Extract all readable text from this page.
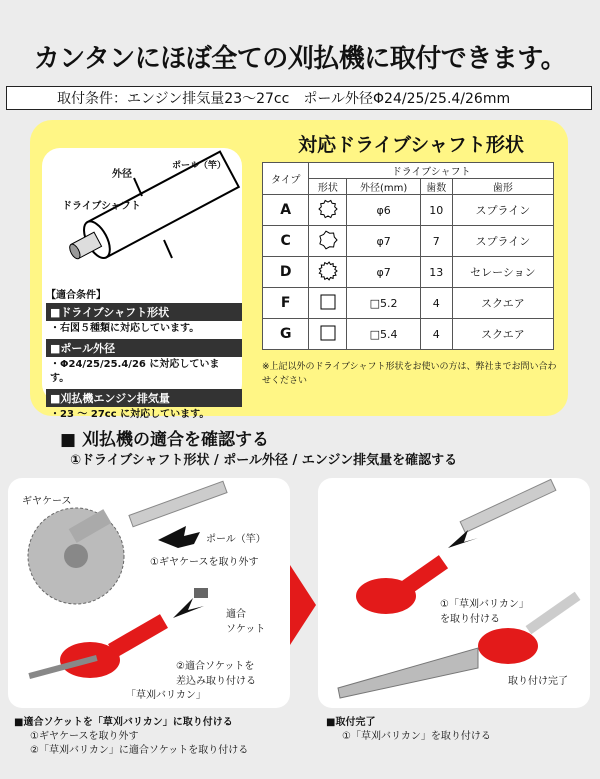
カンタンにほぼ全ての刈払機に取付できます。
取付条件：エンジン排気量23～27cc　ポール外径Φ24/25/25.4/26mm
外径
ポール（竿）
ドライブシャフト
【適合条件】
■ドライブシャフト形状
・右図５種類に対応しています。
■ポール外径
・Φ24/25/25.4/26 に対応しています。
■刈払機エンジン排気量
・23 ～ 27cc に対応しています。
対応ドライブシャフト形状
タイプ	ドライブシャフト			
	形状	外径(mm)	歯数	歯形
A		φ6	10	スプライン
C		φ7	7	スプライン
D		φ7	13	セレーション
F		□5.2	4	スクエア
G		□5.4	4	スクエア
※上記以外のドライブシャフト形状をお使いの方は、弊社までお問い合わせください
■ 刈払機の適合を確認する
①ドライブシャフト形状 / ポール外径 / エンジン排気量を確認する
ギヤケース
ポール（竿）
①ギヤケースを取り外す
適合
ソケット
②適合ソケットを
差込み取り付ける
「草刈バリカン」
①「草刈バリカン」
を取り付ける
取り付け完了
■適合ソケットを「草刈バリカン」に取り付ける
①ギヤケースを取り外す
②「草刈バリカン」に適合ソケットを取り付ける
■取付完了
①「草刈バリカン」を取り付ける
